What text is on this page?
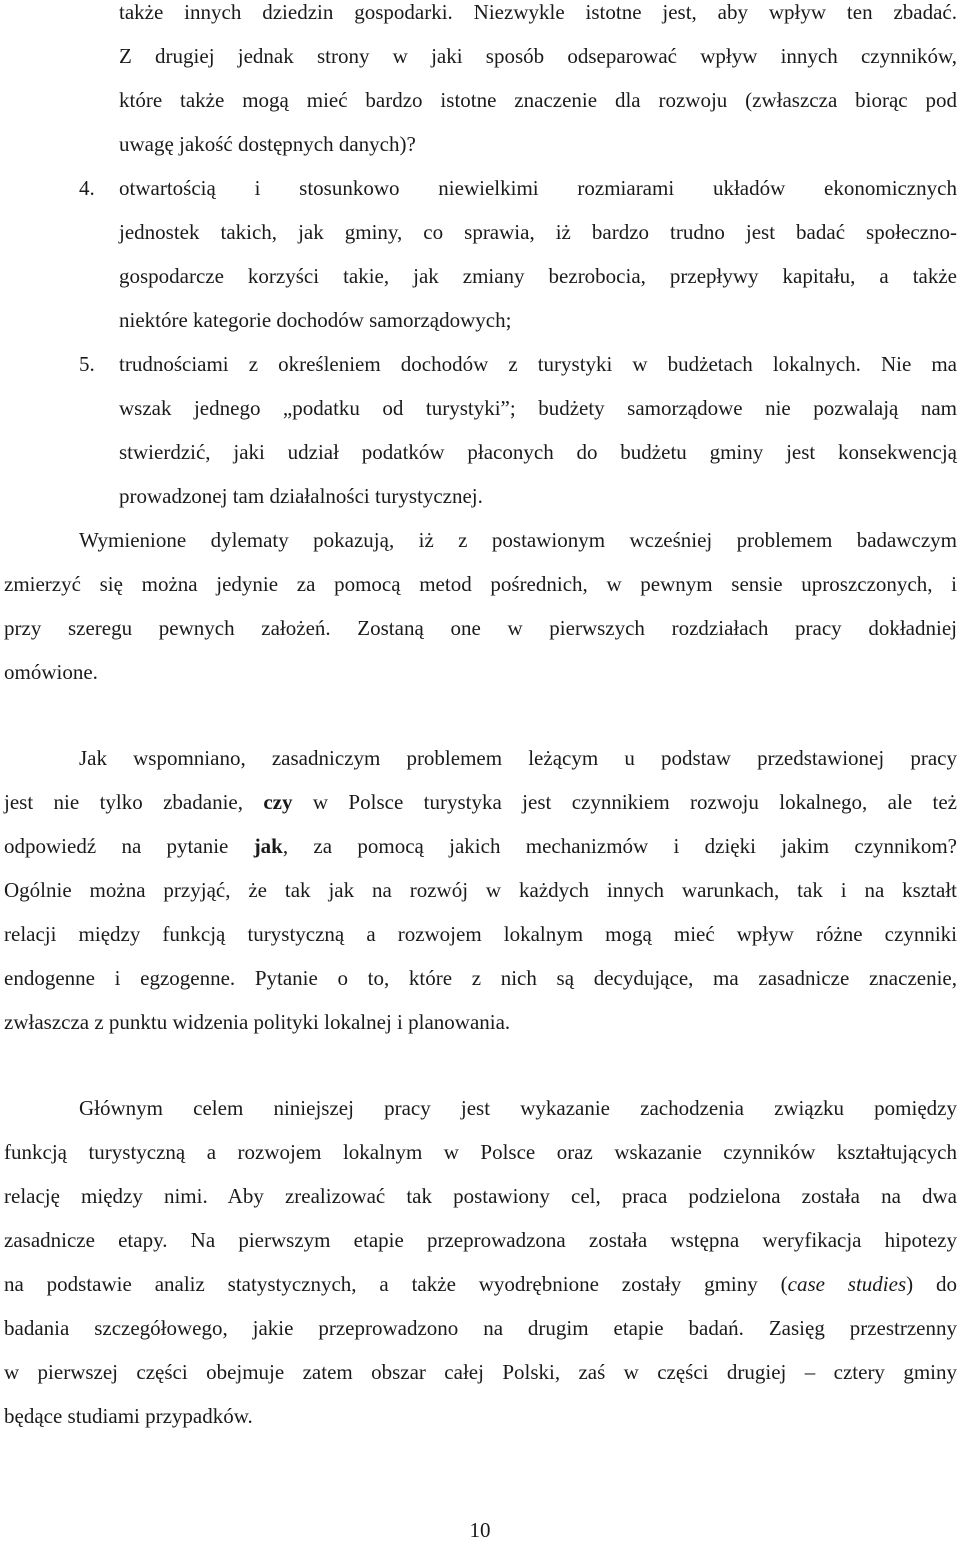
także innych dziedzin gospodarki. Niezwykle istotne jest, aby wpływ ten zbadać.
Z drugiej jednak strony w jaki sposób odseparować wpływ innych czynników,
które także mogą mieć bardzo istotne znaczenie dla rozwoju (zwłaszcza biorąc pod
uwagę jakość dostępnych danych)?
4. otwartością i stosunkowo niewielkimi rozmiarami układów ekonomicznych
jednostek takich, jak gminy, co sprawia, iż bardzo trudno jest badać społeczno-
gospodarcze korzyści takie, jak zmiany bezrobocia, przepływy kapitału, a także
niektóre kategorie dochodów samorządowych;
5. trudnościami z określeniem dochodów z turystyki w budżetach lokalnych. Nie ma
wszak jednego „podatku od turystyki”; budżety samorządowe nie pozwalają nam
stwierdzić, jaki udział podatków płaconych do budżetu gminy jest konsekwencją
prowadzonej tam działalności turystycznej.
Wymienione dylematy pokazują, iż z postawionym wcześniej problemem badawczym
zmierzyć się można jedynie za pomocą metod pośrednich, w pewnym sensie uproszczonych, i
przy szeregu pewnych założeń. Zostaną one w pierwszych rozdziałach pracy dokładniej
omówione.
Jak wspomniano, zasadniczym problemem leżącym u podstaw przedstawionej pracy
jest nie tylko zbadanie, czy w Polsce turystyka jest czynnikiem rozwoju lokalnego, ale też
odpowiedź na pytanie jak, za pomocą jakich mechanizmów i dzięki jakim czynnikom?
Ogólnie można przyjąć, że tak jak na rozwój w każdych innych warunkach, tak i na kształt
relacji między funkcją turystyczną a rozwojem lokalnym mogą mieć wpływ różne czynniki
endogenne i egzogenne. Pytanie o to, które z nich są decydujące, ma zasadnicze znaczenie,
zwłaszcza z punktu widzenia polityki lokalnej i planowania.
Głównym celem niniejszej pracy jest wykazanie zachodzenia związku pomiędzy
funkcją turystyczną a rozwojem lokalnym w Polsce oraz wskazanie czynników kształtujących
relację między nimi. Aby zrealizować tak postawiony cel, praca podzielona została na dwa
zasadnicze etapy. Na pierwszym etapie przeprowadzona została wstępna weryfikacja hipotezy
na podstawie analiz statystycznych, a także wyodrębnione zostały gminy (case studies) do
badania szczegółowego, jakie przeprowadzono na drugim etapie badań. Zasięg przestrzenny
w pierwszej części obejmuje zatem obszar całej Polski, zaś w części drugiej – cztery gminy
będące studiami przypadków.
10
